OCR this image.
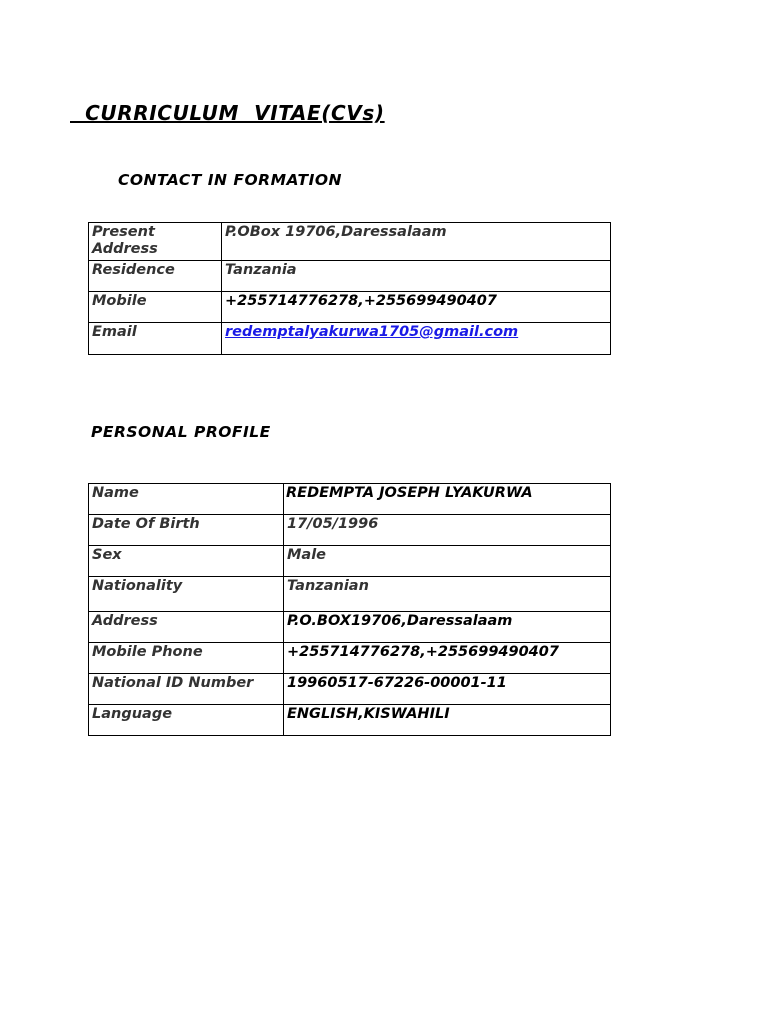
CURRICULUM  VITAE(CVs)
CONTACT IN FORMATION
Present Address	P.OBox 19706,Daressalaam
Residence	Tanzania
Mobile	+255714776278,+255699490407
Email	redemptalyakurwa1705@gmail.com
PERSONAL PROFILE
Name	REDEMPTA JOSEPH LYAKURWA
Date Of Birth	17/05/1996
Sex	Male
Nationality	Tanzanian
Address	P.O.BOX19706,Daressalaam
Mobile Phone	+255714776278,+255699490407
National ID Number	19960517-67226-00001-11
Language	ENGLISH,KISWAHILI
